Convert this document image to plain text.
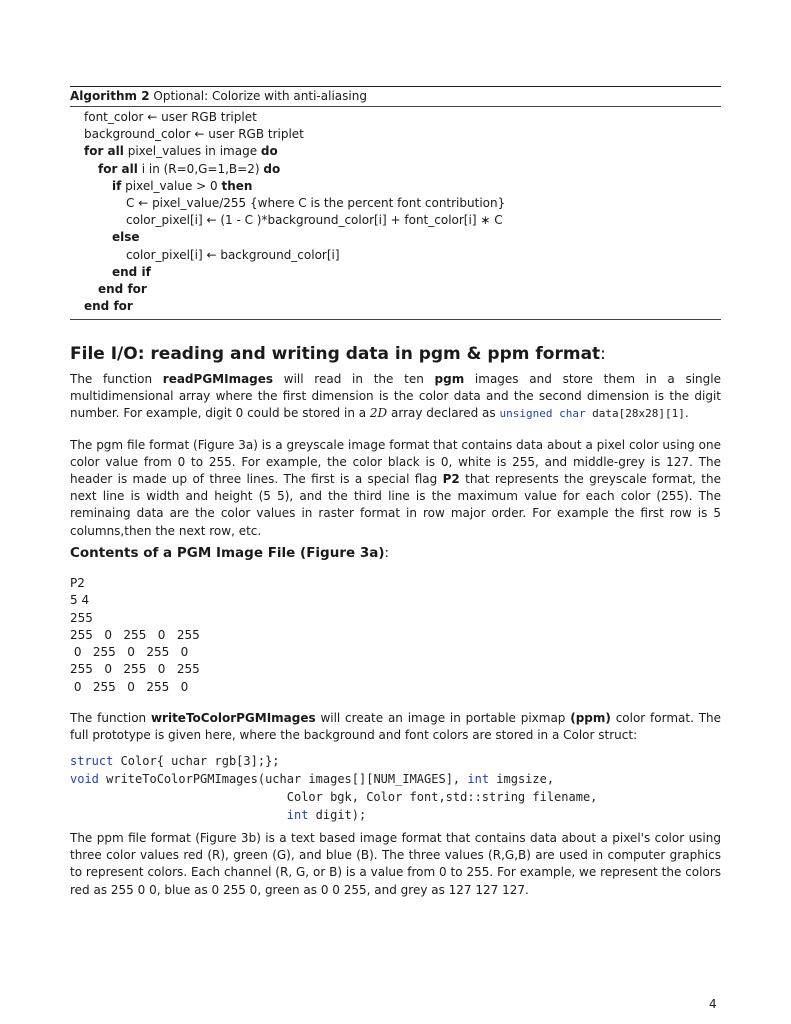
Algorithm 2 Optional: Colorize with anti-aliasing
font_color ← user RGB triplet
background_color ← user RGB triplet
for all pixel_values in image do
for all i in (R=0,G=1,B=2) do
if pixel_value > 0 then
C ← pixel_value/255 {where C is the percent font contribution}
color_pixel[i] ← (1 - C )*background_color[i] + font_color[i] ∗ C
else
color_pixel[i] ← background_color[i]
end if
end for
end for
File I/O: reading and writing data in pgm & ppm format:

The function readPGMImages will read in the ten pgm images and store them in a single multidimensional array where the first dimension is the color data and the second dimension is the digit number. For example, digit 0 could be stored in a 2D array declared as unsigned char data[28x28][1].

The pgm file format (Figure 3a) is a greyscale image format that contains data about a pixel color using one color value from 0 to 255. For example, the color black is 0, white is 255, and middle-grey is 127. The header is made up of three lines. The first is a special flag P2 that represents the greyscale format, the next line is width and height (5 5), and the third line is the maximum value for each color (255). The reminaing data are the color values in raster format in row major order. For example the first row is 5 columns,then the next row, etc.

Contents of a PGM Image File (Figure 3a):
P2
5 4
255
255   0   255   0   255
0   255   0   255   0
255   0   255   0   255
0   255   0   255   0

The function writeToColorPGMImages will create an image in portable pixmap (ppm) color format. The full prototype is given here, where the background and font colors are stored in a Color struct:

struct Color{ uchar rgb[3];};
void writeToColorPGMImages(uchar images[][NUM_IMAGES], int imgsize,
Color bgk, Color font,std::string filename,
int digit);

The ppm file format (Figure 3b) is a text based image format that contains data about a pixel's color using three color values red (R), green (G), and blue (B). The three values (R,G,B) are used in computer graphics to represent colors. Each channel (R, G, or B) is a value from 0 to 255. For example, we represent the colors red as 255 0 0, blue as 0 255 0, green as 0 0 255, and grey as 127 127 127.

4
